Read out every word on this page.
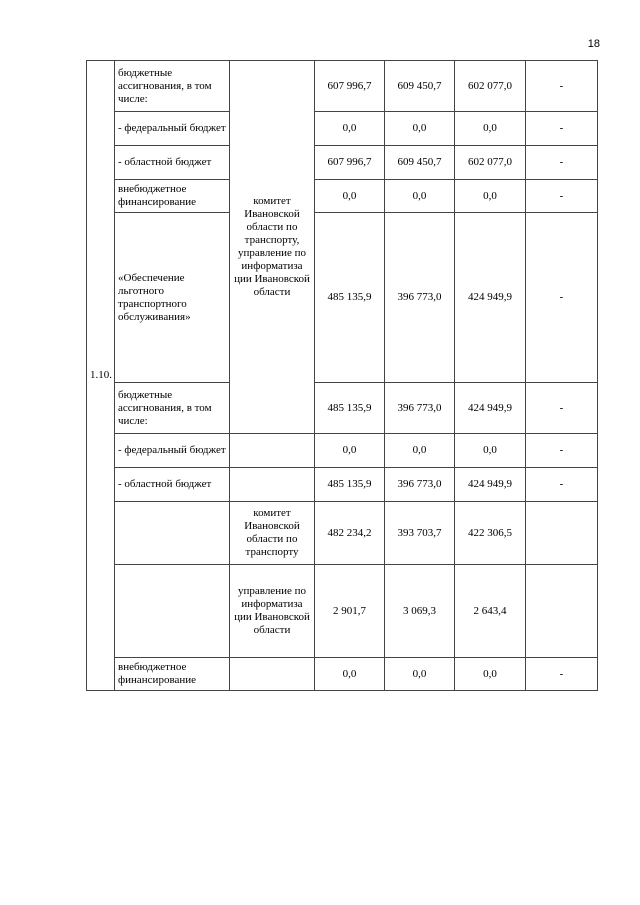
18
1.10.	бюджетные ассигнования, в том числе:	комитет Ивановской области по транспорту, управление по информатиза ции Ивановской области	607 996,7	609 450,7	602 077,0	-
	- федеральный бюджет		0,0	0,0	0,0	-
	- областной бюджет		607 996,7	609 450,7	602 077,0	-
	внебюджетное финансирование		0,0	0,0	0,0	-
	«Обеспечение льготного транспортного обслуживания»		485 135,9	396 773,0	424 949,9	-
	бюджетные ассигнования, в том числе:		485 135,9	396 773,0	424 949,9	-
	- федеральный бюджет		0,0	0,0	0,0	-
	- областной бюджет		485 135,9	396 773,0	424 949,9	-
		комитет Ивановской области по транспорту	482 234,2	393 703,7	422 306,5	
		управление по информатиза ции Ивановской области	2 901,7	3 069,3	2 643,4	
	внебюджетное финансирование		0,0	0,0	0,0	-
